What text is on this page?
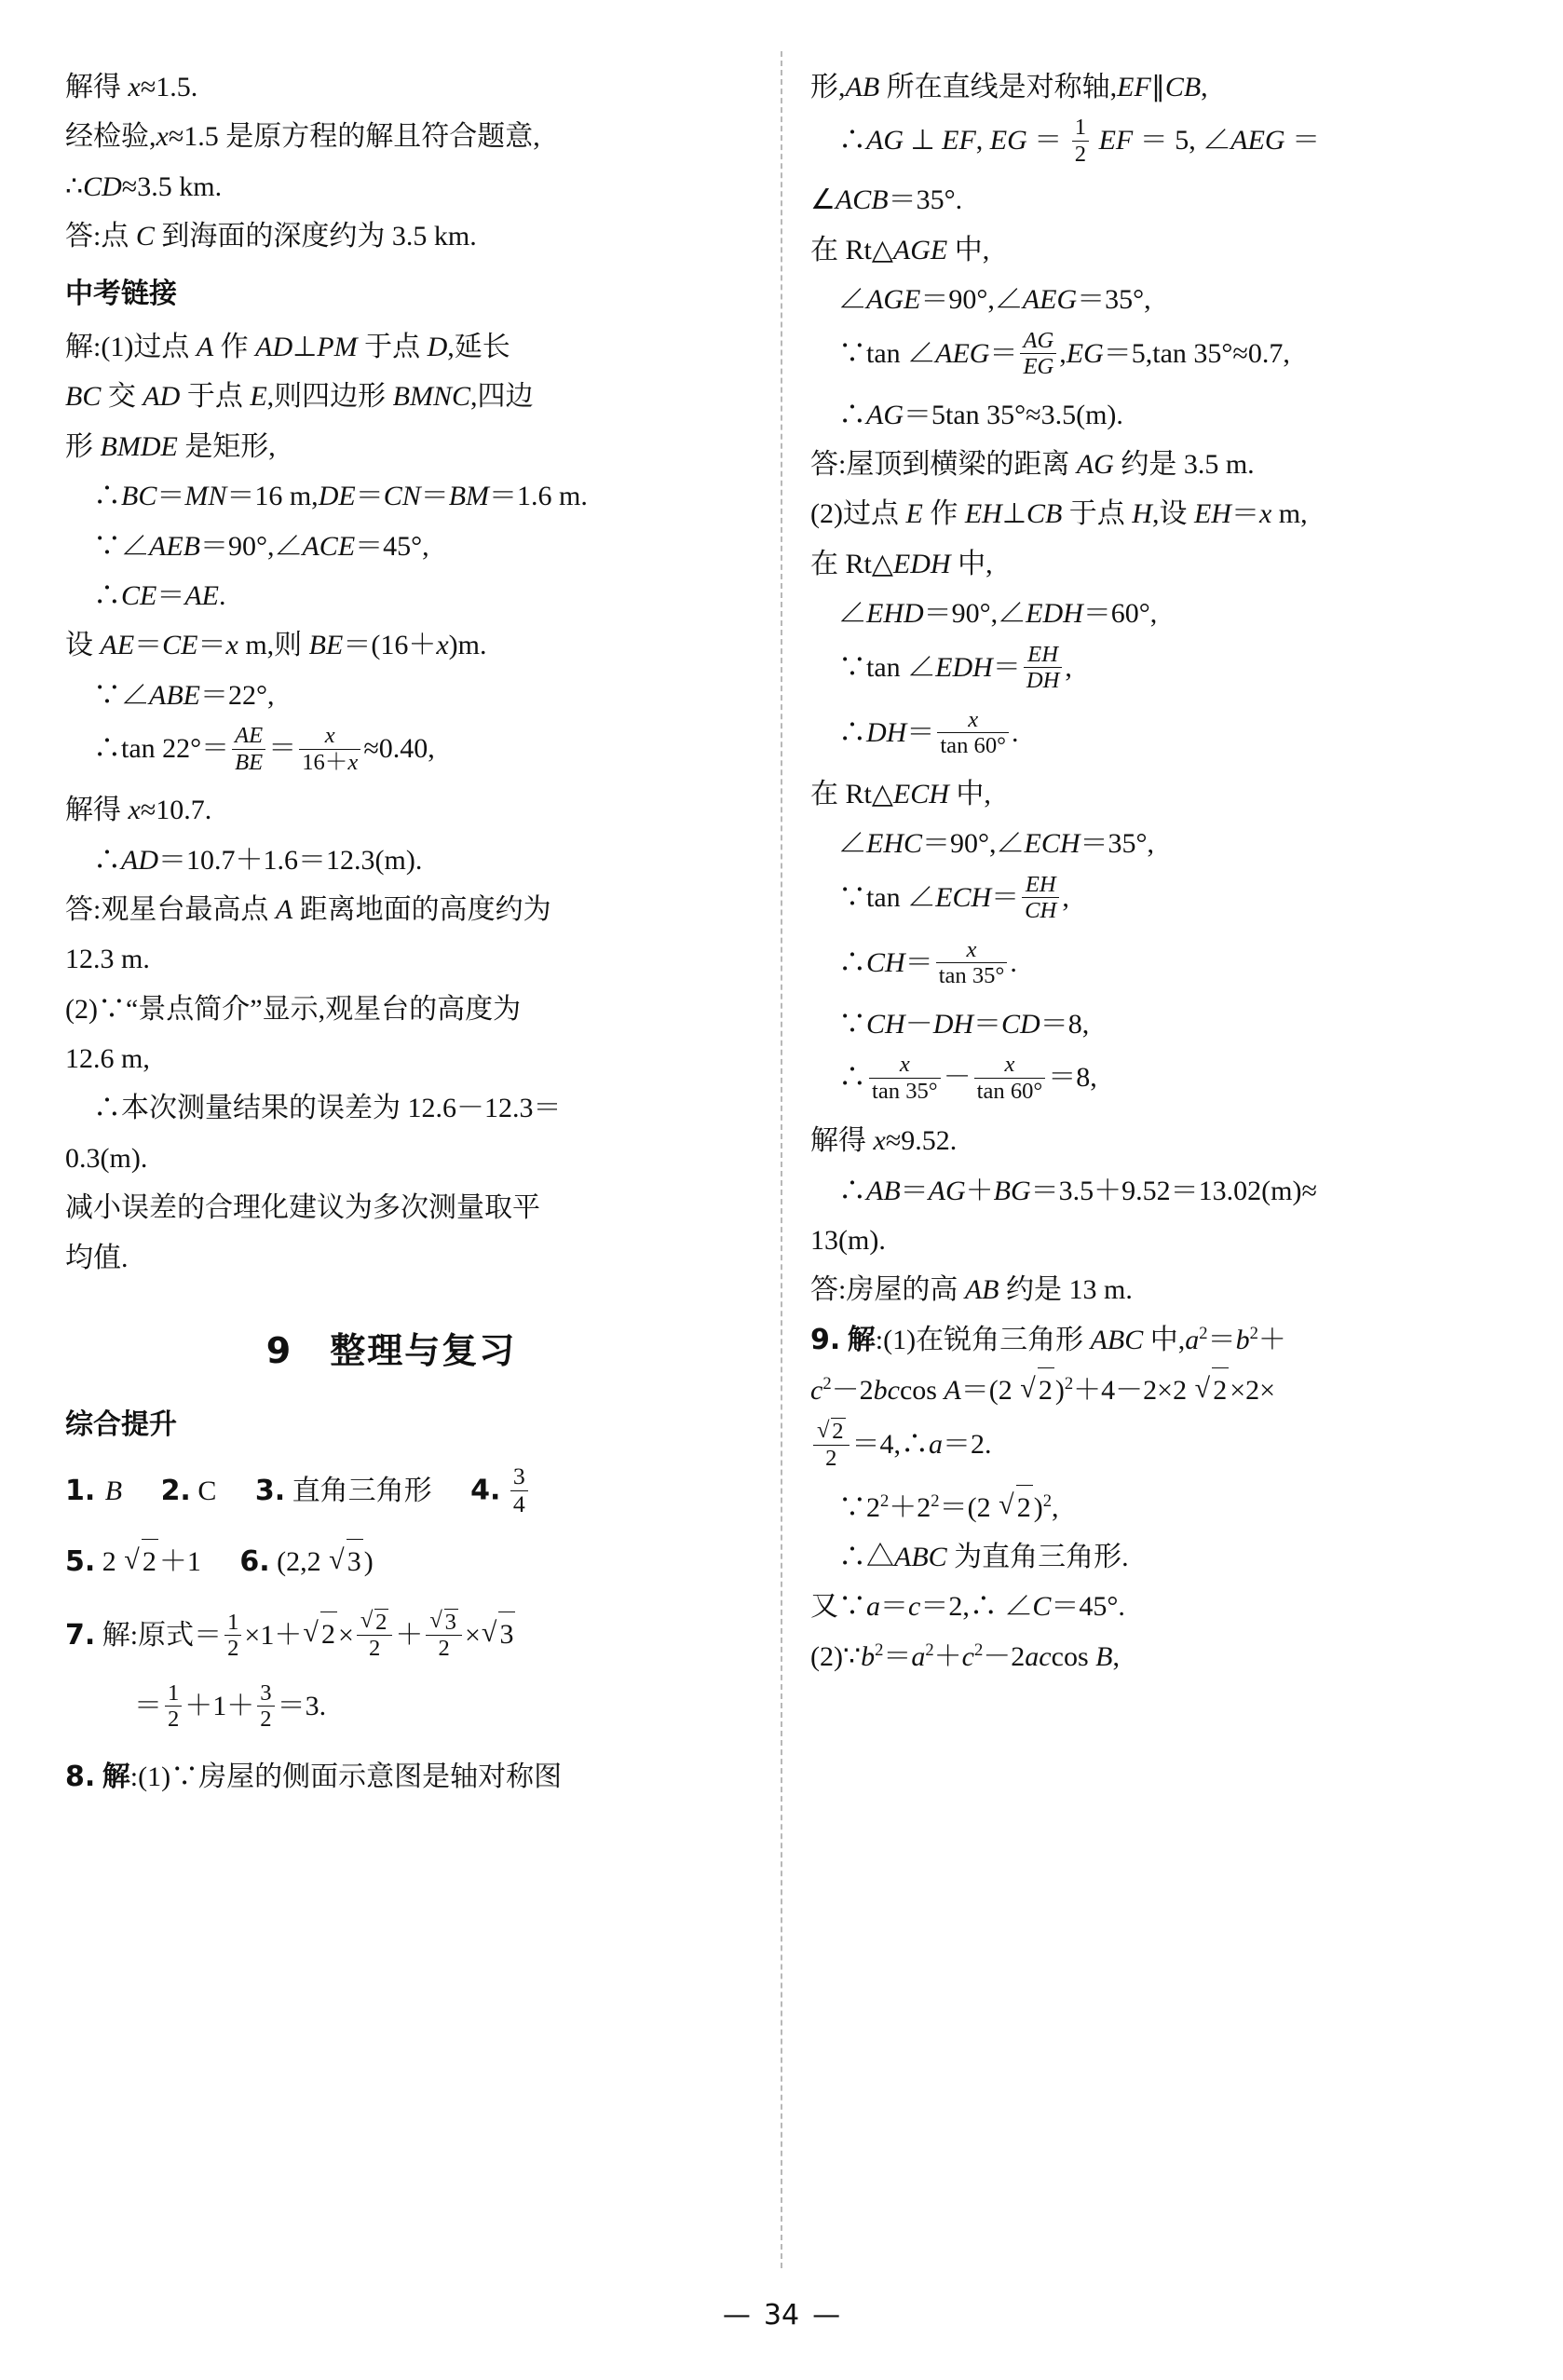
解得 x≈1.5.

经检验,x≈1.5 是原方程的解且符合题意,

∴CD≈3.5 km.

答:点 C 到海面的深度约为 3.5 km.

中考链接

解:(1)过点 A 作 AD⊥PM 于点 D,延长

BC 交 AD 于点 E,则四边形 BMNC,四边

形 BMDE 是矩形,

　∴BC＝MN＝16 m,DE＝CN＝BM＝1.6 m.

　∵∠AEB＝90°,∠ACE＝45°,

　∴CE＝AE.

设 AE＝CE＝x m,则 BE＝(16＋x)m.

　∵∠ABE＝22°,

　∴tan $22^\circ= \frac{AE}{BE} = \frac{x}{16+x} \approx 0.40$,

解得 x≈10.7.

　∴AD＝10.7＋1.6＝12.3(m).

答:观星台最高点 A 距离地面的高度约为

12.3 m.

(2)∵“景点简介”显示,观星台的高度为

12.6 m,

　∴本次测量结果的误差为 12.6－12.3＝

0.3(m).

减小误差的合理化建议为多次测量取平

均值.

9　整理与复习

综合提升

1. B 2. C 3. 直角三角形 4. $\frac{3}{4}$

5. 2 √ 2 ＋1 6. (2,2 √ 3 )

7. 解:原式＝ $\frac{1}{2} \times 1+$ √ 2 × √ $\frac{2}{2}$ ＋ √ $\frac{3}{2}$ × √ 3

＝ $\frac{1}{2} +1+ \frac{3}{2} =3$.

8. 解:(1)∵房屋的侧面示意图是轴对称图

形,AB 所在直线是对称轴,EF∥CB,

　∴AG ⊥ EF, EG ＝ $\frac{1}{2}$ EF ＝ 5, ∠AEG ＝

∠ACB＝35°.

在 Rt△AGE 中,

　∠AGE＝90°,∠AEG＝35°,

　∵tan ∠AEG＝ $\frac{AG}{EG} ,EG=5,\tan$ 35°≈0.7,

　∴AG＝5tan 35°≈3.5(m).

答:屋顶到横梁的距离 AG 约是 3.5 m.

(2)过点 E 作 EH⊥CB 于点 H,设 EH＝x m,

在 Rt△EDH 中,

　∠EHD＝90°,∠EDH＝60°,

　∵tan ∠EDH＝ $\frac{EH}{DH}$ ,

　∴DH＝ $\frac{x}{\tan 60^\circ}$ .

在 Rt△ECH 中,

　∠EHC＝90°,∠ECH＝35°,

　∵tan ∠ECH＝ $\frac{EH}{CH}$ ,

　∴CH＝ $\frac{x}{\tan 35^\circ}$ .

　∵CH－DH＝CD＝8,

　∴ $\frac{x}{\tan 35^\circ} - \frac{x}{\tan 60^\circ} =8$,

解得 x≈9.52.

　∴AB＝AG＋BG＝3.5＋9.52＝13.02(m)≈

13(m).

答:房屋的高 AB 约是 13 m.

9. 解:(1)在锐角三角形 ABC 中$,a^2=b^2+$

$c^2-2bccos$ A＝(2 √ 2 )$^2$＋4－2×2 √ 2 ×2×

√ $\frac{2}{2}$ ＝4,∴a＝2.

　$\because 2^2+2^2=(2$ √ 2 )$^2$,

　∴△ABC 为直角三角形.

又∵a＝c＝2,∴ ∠C＝45°.

$(2)\because b^2=a^2+c^2-2accos$ B,

— 34 —
